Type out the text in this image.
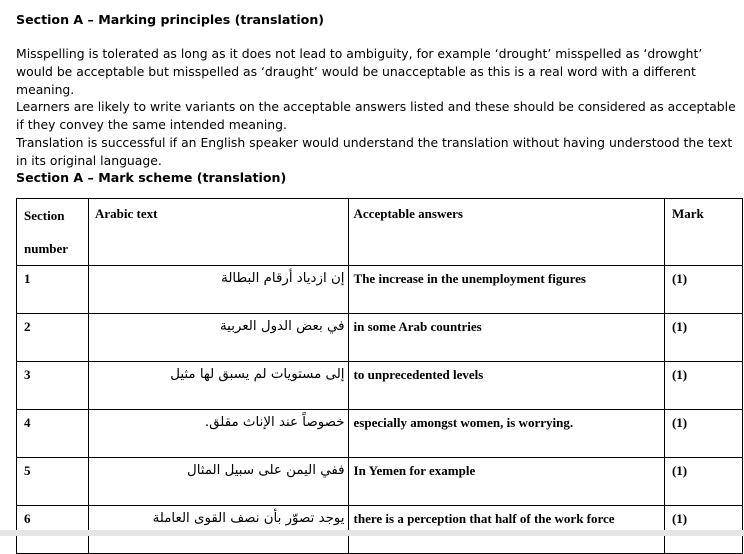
Section A – Marking principles (translation)

Misspelling is tolerated as long as it does not lead to ambiguity, for example ‘drought’ misspelled as ‘drowght’ would be acceptable but misspelled as ‘draught’ would be unacceptable as this is a real word with a different meaning.

Learners are likely to write variants on the acceptable answers listed and these should be considered as acceptable if they convey the same intended meaning.

Translation is successful if an English speaker would understand the translation without having understood the text in its original language.

Section A – Mark scheme (translation)
Section
number	Arabic text	Acceptable answers	Mark
1	إن ازدياد أرقام البطالة	The increase in the unemployment figures	(1)
2	في بعض الدول العربية	in some Arab countries	(1)
3	إلى مستويات لم يسبق لها مثيل	to unprecedented levels	(1)
4	خصوصاً عند الإناث مقلق.	especially amongst women, is worrying.	(1)
5	ففي اليمن على سبيل المثال	In Yemen for example	(1)
6	يوجد تصوّر بأن نصف القوى العاملة	there is a perception that half of the work force	(1)
